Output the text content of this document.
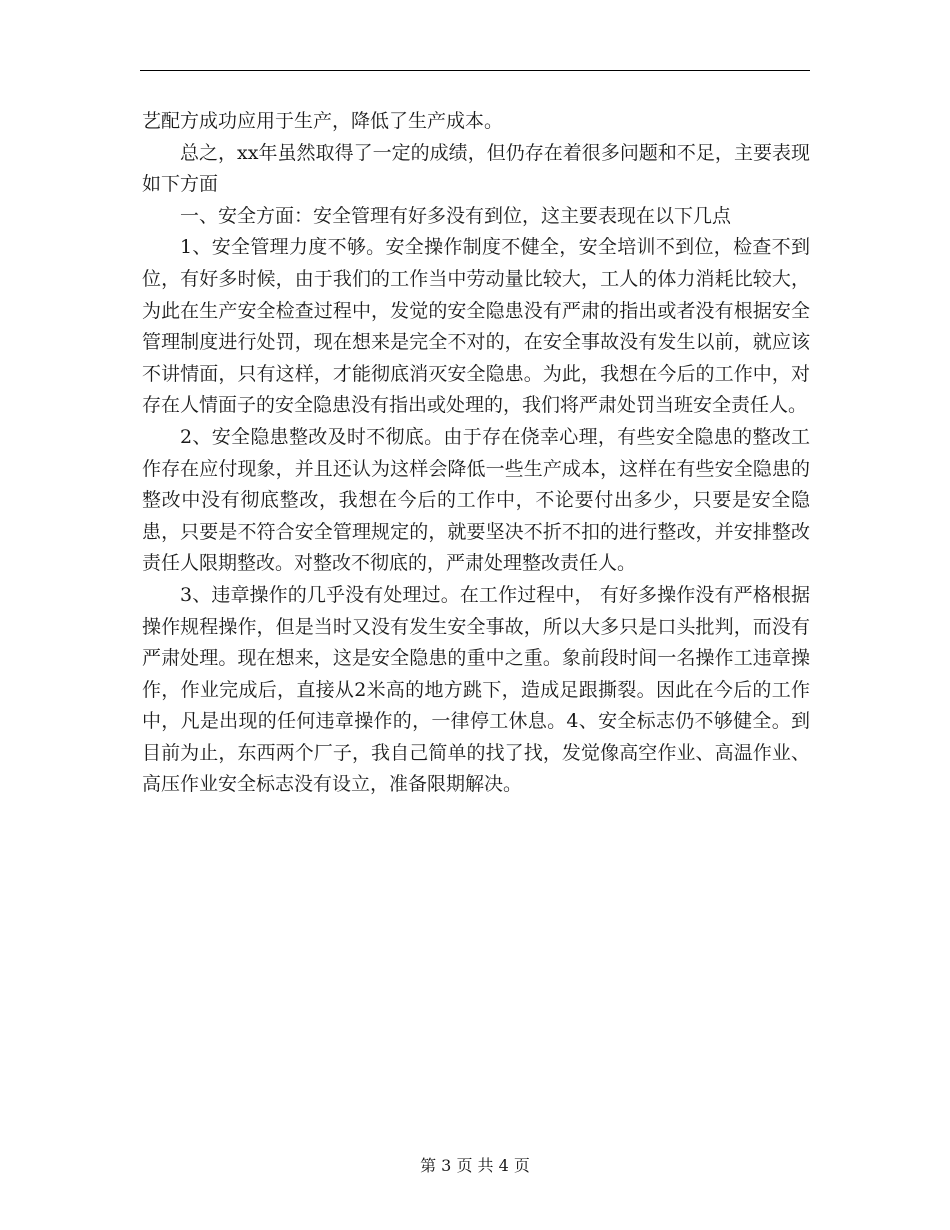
艺配方成功应用于生产，降低了生产成本。

总之，xx年虽然取得了一定的成绩，但仍存在着很多问题和不足，主要表现如下方面

一、安全方面：安全管理有好多没有到位，这主要表现在以下几点

1、安全管理力度不够。安全操作制度不健全，安全培训不到位，检查不到位，有好多时候，由于我们的工作当中劳动量比较大，工人的体力消耗比较大，为此在生产安全检查过程中，发觉的安全隐患没有严肃的指出或者没有根据安全管理制度进行处罚，现在想来是完全不对的，在安全事故没有发生以前，就应该不讲情面，只有这样，才能彻底消灭安全隐患。为此，我想在今后的工作中，对存在人情面子的安全隐患没有指出或处理的，我们将严肃处罚当班安全责任人。

2、安全隐患整改及时不彻底。由于存在侥幸心理，有些安全隐患的整改工作存在应付现象，并且还认为这样会降低一些生产成本，这样在有些安全隐患的整改中没有彻底整改，我想在今后的工作中，不论要付出多少，只要是安全隐患，只要是不符合安全管理规定的，就要坚决不折不扣的进行整改，并安排整改责任人限期整改。对整改不彻底的，严肃处理整改责任人。

3、违章操作的几乎没有处理过。在工作过程中， 有好多操作没有严格根据操作规程操作，但是当时又没有发生安全事故，所以大多只是口头批判，而没有严肃处理。现在想来，这是安全隐患的重中之重。象前段时间一名操作工违章操作，作业完成后，直接从2米高的地方跳下，造成足跟撕裂。因此在今后的工作中，凡是出现的任何违章操作的，一律停工休息。4、安全标志仍不够健全。到目前为止，东西两个厂子，我自己简单的找了找，发觉像高空作业、高温作业、高压作业安全标志没有设立，准备限期解决。

第 3 页 共 4 页
